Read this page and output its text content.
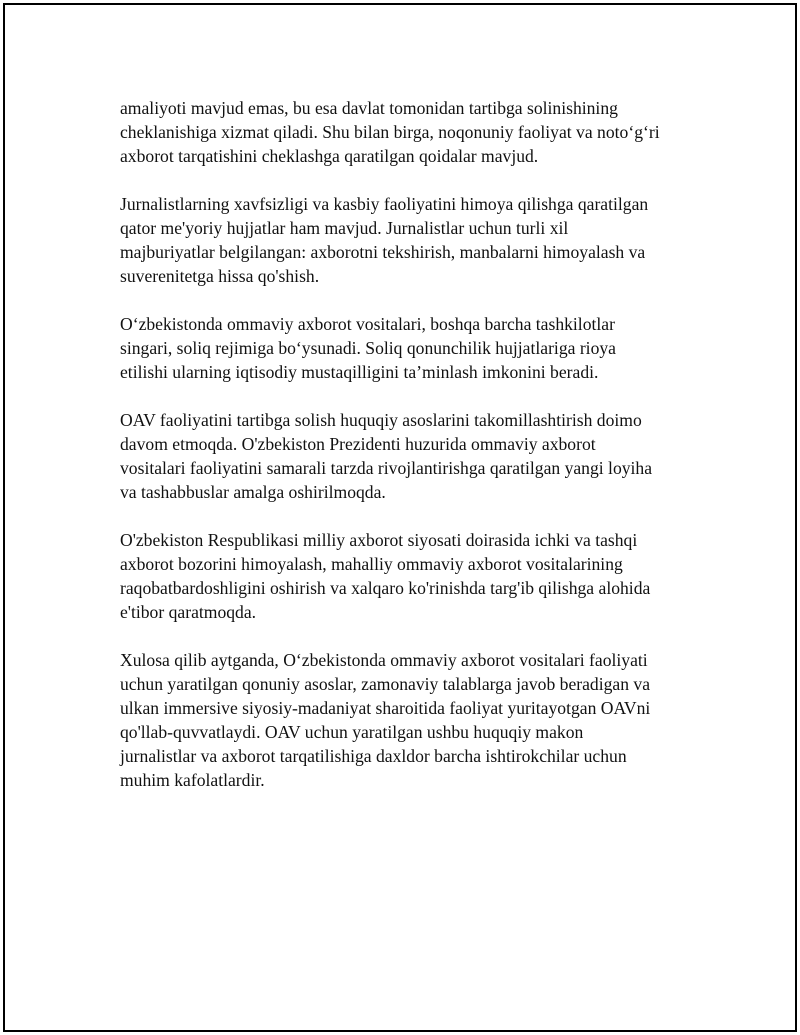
amaliyoti mavjud emas, bu esa davlat tomonidan tartibga solinishining
cheklanishiga xizmat qiladi. Shu bilan birga, noqonuniy faoliyat va noto‘g‘ri
axborot tarqatishini cheklashga qaratilgan qoidalar mavjud.

Jurnalistlarning xavfsizligi va kasbiy faoliyatini himoya qilishga qaratilgan
qator me'yoriy hujjatlar ham mavjud. Jurnalistlar uchun turli xil
majburiyatlar belgilangan: axborotni tekshirish, manbalarni himoyalash va
suverenitetga hissa qo'shish.

O‘zbekistonda ommaviy axborot vositalari, boshqa barcha tashkilotlar
singari, soliq rejimiga bo‘ysunadi. Soliq qonunchilik hujjatlariga rioya
etilishi ularning iqtisodiy mustaqilligini ta’minlash imkonini beradi.

OAV faoliyatini tartibga solish huquqiy asoslarini takomillashtirish doimo
davom etmoqda. O'zbekiston Prezidenti huzurida ommaviy axborot
vositalari faoliyatini samarali tarzda rivojlantirishga qaratilgan yangi loyiha
va tashabbuslar amalga oshirilmoqda.

O'zbekiston Respublikasi milliy axborot siyosati doirasida ichki va tashqi
axborot bozorini himoyalash, mahalliy ommaviy axborot vositalarining
raqobatbardoshligini oshirish va xalqaro ko'rinishda targ'ib qilishga alohida
e'tibor qaratmoqda.

Xulosa qilib aytganda, O‘zbekistonda ommaviy axborot vositalari faoliyati
uchun yaratilgan qonuniy asoslar, zamonaviy talablarga javob beradigan va
ulkan immersive siyosiy-madaniyat sharoitida faoliyat yuritayotgan OAVni
qo'llab-quvvatlaydi. OAV uchun yaratilgan ushbu huquqiy makon
jurnalistlar va axborot tarqatilishiga daxldor barcha ishtirokchilar uchun
muhim kafolatlardir.
